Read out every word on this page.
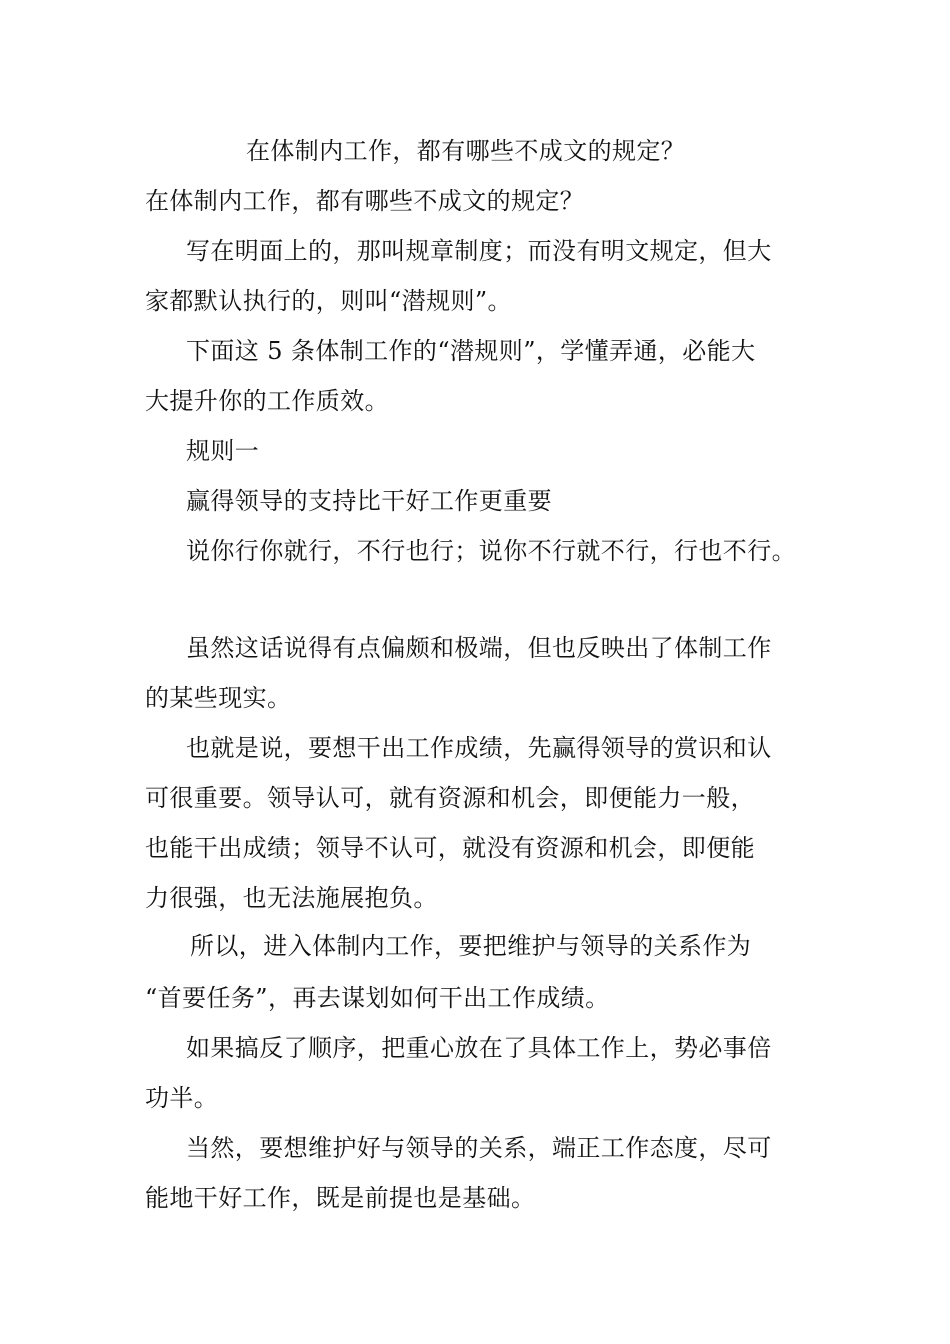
在体制内工作，都有哪些不成文的规定？
在体制内工作，都有哪些不成文的规定？
写在明面上的，那叫规章制度；而没有明文规定，但大
家都默认执行的，则叫“潜规则”。
下面这 5 条体制工作的“潜规则”，学懂弄通，必能大
大提升你的工作质效。
规则一
赢得领导的支持比干好工作更重要
说你行你就行，不行也行；说你不行就不行，行也不行。
虽然这话说得有点偏颇和极端，但也反映出了体制工作
的某些现实。
也就是说，要想干出工作成绩，先赢得领导的赏识和认
可很重要。领导认可，就有资源和机会，即便能力一般，
也能干出成绩；领导不认可，就没有资源和机会，即便能
力很强，也无法施展抱负。
所以，进入体制内工作，要把维护与领导的关系作为
“首要任务”，再去谋划如何干出工作成绩。
如果搞反了顺序，把重心放在了具体工作上，势必事倍
功半。
当然，要想维护好与领导的关系，端正工作态度，尽可
能地干好工作，既是前提也是基础。
